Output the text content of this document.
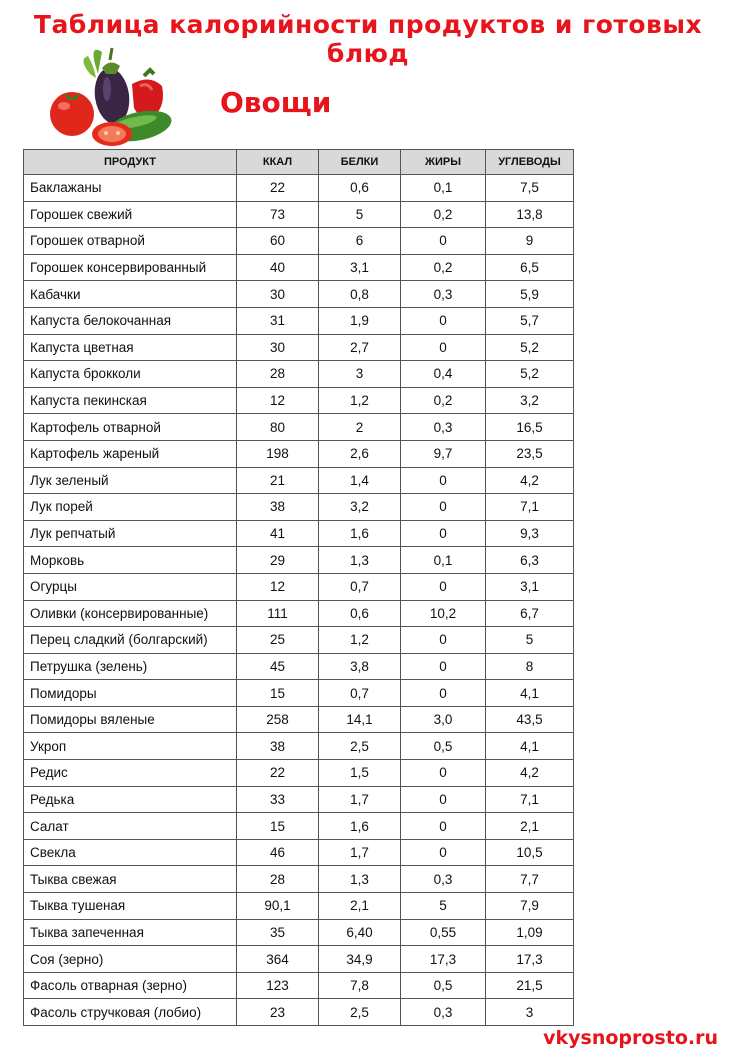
Таблица калорийности продуктов и готовых блюд
Овощи
ПРОДУКТ	ККАЛ	БЕЛКИ	ЖИРЫ	УГЛЕВОДЫ
Баклажаны	22	0,6	0,1	7,5
Горошек свежий	73	5	0,2	13,8
Горошек отварной	60	6	0	9
Горошек консервированный	40	3,1	0,2	6,5
Кабачки	30	0,8	0,3	5,9
Капуста белокочанная	31	1,9	0	5,7
Капуста цветная	30	2,7	0	5,2
Капуста брокколи	28	3	0,4	5,2
Капуста пекинская	12	1,2	0,2	3,2
Картофель отварной	80	2	0,3	16,5
Картофель жареный	198	2,6	9,7	23,5
Лук зеленый	21	1,4	0	4,2
Лук порей	38	3,2	0	7,1
Лук репчатый	41	1,6	0	9,3
Морковь	29	1,3	0,1	6,3
Огурцы	12	0,7	0	3,1
Оливки (консервированные)	111	0,6	10,2	6,7
Перец сладкий (болгарский)	25	1,2	0	5
Петрушка (зелень)	45	3,8	0	8
Помидоры	15	0,7	0	4,1
Помидоры вяленые	258	14,1	3,0	43,5
Укроп	38	2,5	0,5	4,1
Редис	22	1,5	0	4,2
Редька	33	1,7	0	7,1
Салат	15	1,6	0	2,1
Свекла	46	1,7	0	10,5
Тыква свежая	28	1,3	0,3	7,7
Тыква тушеная	90,1	2,1	5	7,9
Тыква запеченная	35	6,40	0,55	1,09
Соя (зерно)	364	34,9	17,3	17,3
Фасоль отварная (зерно)	123	7,8	0,5	21,5
Фасоль стручковая (лобио)	23	2,5	0,3	3
vkysnoprosto.ru
